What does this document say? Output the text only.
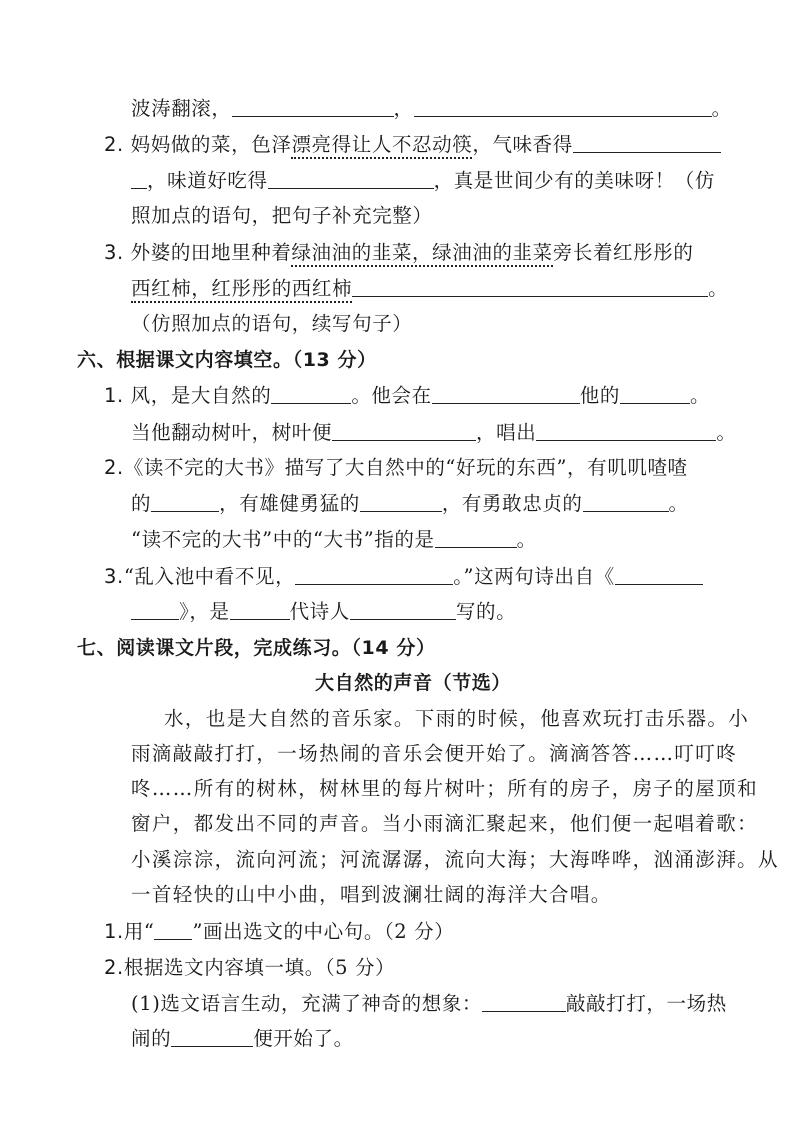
波涛翻滚，	，	。
2. 妈妈做的菜，色泽漂亮得让人不忍动筷，气味香得
，味道好吃得	，真是世间少有的美味呀！（仿
照加点的语句，把句子补充完整）
3. 外婆的田地里种着绿油油的韭菜，绿油油的韭菜旁长着红彤彤的
西红柿，红彤彤的西红柿	。
（仿照加点的语句，续写句子）
六、根据课文内容填空。（13 分）
1. 风，是大自然的	。他会在	他的	。
当他翻动树叶，树叶便	，唱出	。
2.《读不完的大书》描写了大自然中的“好玩的东西”，有叽叽喳喳
的	，有雄健勇猛的	，有勇敢忠贞的	。
“读不完的大书”中的“大书”指的是	。
3.“乱入池中看不见，	。”这两句诗出自《
》，是	代诗人	写的。
七、阅读课文片段，完成练习。（14 分）
大自然的声音（节选）
水，也是大自然的音乐家。下雨的时候，他喜欢玩打击乐器。小
雨滴敲敲打打，一场热闹的音乐会便开始了。滴滴答答……叮叮咚
咚……所有的树林，树林里的每片树叶；所有的房子，房子的屋顶和
窗户，都发出不同的声音。当小雨滴汇聚起来，他们便一起唱着歌：
小溪淙淙，流向河流；河流潺潺，流向大海；大海哗哗，汹涌澎湃。从
一首轻快的山中小曲，唱到波澜壮阔的海洋大合唱。
1.用“ ”画出选文的中心句。（2 分）
2.根据选文内容填一填。（5 分）
(1)选文语言生动，充满了神奇的想象：	敲敲打打，一场热
闹的	便开始了。
